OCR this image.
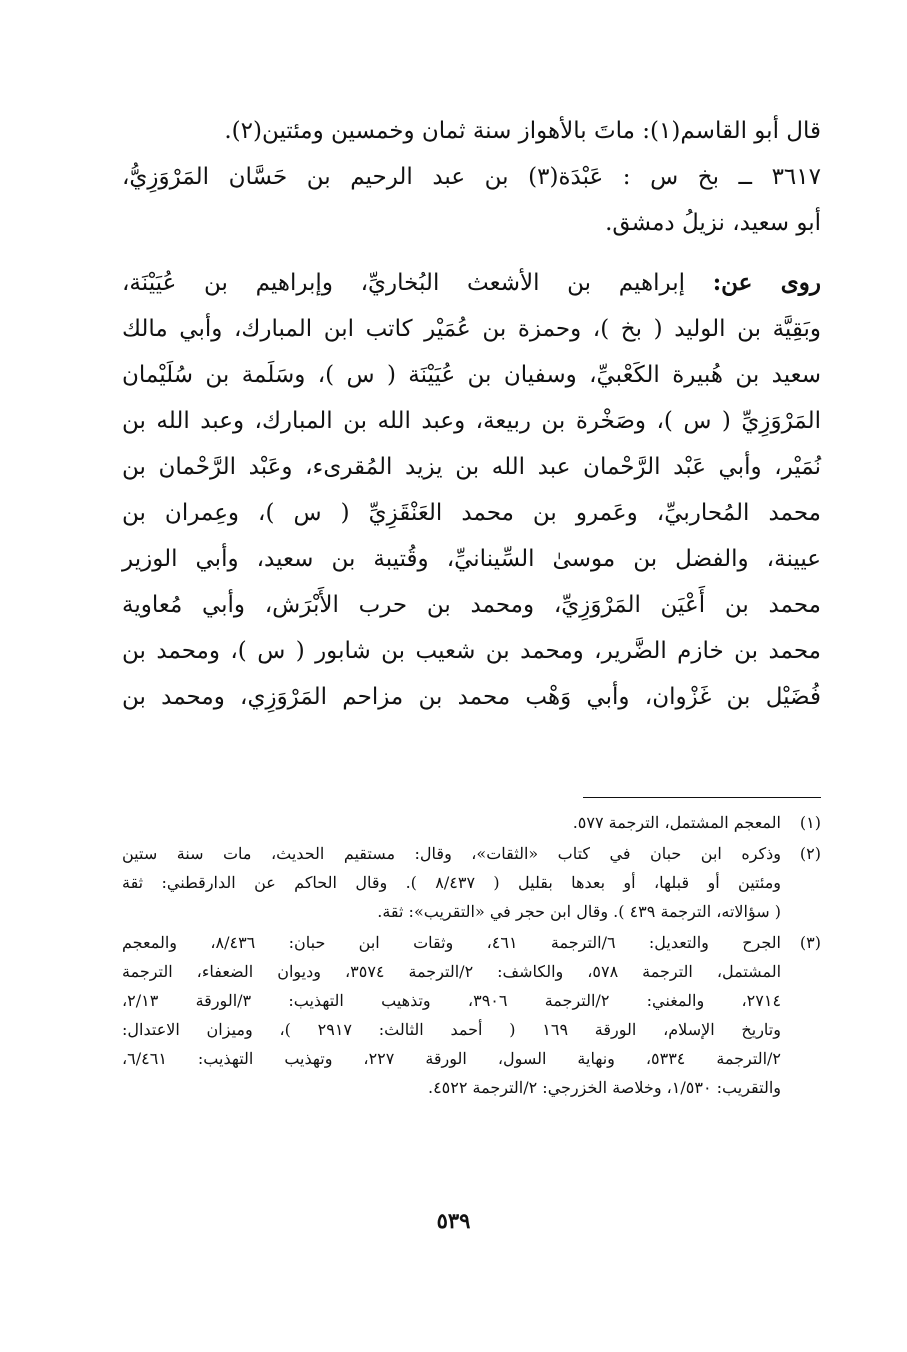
قال أبو القاسم(١): ماتَ بالأهواز سنة ثمان وخمسين ومئتين(٢).

٣٦١٧ ــ بخ س : عَبْدَة(٣) بن عبد الرحيم بن حَسَّان المَرْوَزِيُّ،

أبو سعيد، نزيلُ دمشق.

روى عن: إبراهيم بن الأشعث البُخاريِّ، وإبراهيم بن عُيَيْنَة،

وبَقِيَّة بن الوليد ( بخ )، وحمزة بن عُمَيْر كاتب ابن المبارك، وأبي مالك

سعيد بن هُبيرة الكَعْبيِّ، وسفيان بن عُيَيْنَة ( س )، وسَلَمة بن سُلَيْمان

المَرْوَزِيِّ ( س )، وصَخْرة بن ربيعة، وعبد الله بن المبارك، وعبد الله بن

نُمَيْر، وأبي عَبْد الرَّحْمان عبد الله بن يزيد المُقرىء، وعَبْد الرَّحْمان بن

محمد المُحاربيِّ، وعَمرو بن محمد العَنْقَزِيِّ ( س )، وعِمران بن

عيينة، والفضل بن موسىٰ السِّينانيِّ، وقُتيبة بن سعيد، وأبي الوزير

محمد بن أَعْيَن المَرْوَزِيِّ، ومحمد بن حرب الأَبْرَش، وأبي مُعاوية

محمد بن خازم الضَّرير، ومحمد بن شعيب بن شابور ( س )، ومحمد بن

فُضَيْل بن غَزْوان، وأبي وَهْب محمد بن مزاحم المَرْوَزِي، ومحمد بن

(١)

المعجم المشتمل، الترجمة ٥٧٧.

(٢)

وذكره ابن حبان في كتاب «الثقات»، وقال: مستقيم الحديث، مات سنة ستين

ومئتين أو قبلها، أو بعدها بقليل ( ٨/٤٣٧ ). وقال الحاكم عن الدارقطني: ثقة

( سؤالاته، الترجمة ٤٣٩ ). وقال ابن حجر في «التقريب»: ثقة.

(٣)

الجرح والتعديل: ٦/الترجمة ٤٦١، وثقات ابن حبان: ٨/٤٣٦، والمعجم

المشتمل، الترجمة ٥٧٨، والكاشف: ٢/الترجمة ٣٥٧٤، وديوان الضعفاء، الترجمة

٢٧١٤، والمغني: ٢/الترجمة ٣٩٠٦، وتذهيب التهذيب: ٣/الورقة ٢/١٣،

وتاريخ الإسلام، الورقة ١٦٩ ( أحمد الثالث: ٢٩١٧ )، وميزان الاعتدال:

٢/الترجمة ٥٣٣٤، ونهاية السول، الورقة ٢٢٧، وتهذيب التهذيب: ٦/٤٦١،

والتقريب: ١/٥٣٠، وخلاصة الخزرجي: ٢/الترجمة ٤٥٢٢.

٥٣٩
